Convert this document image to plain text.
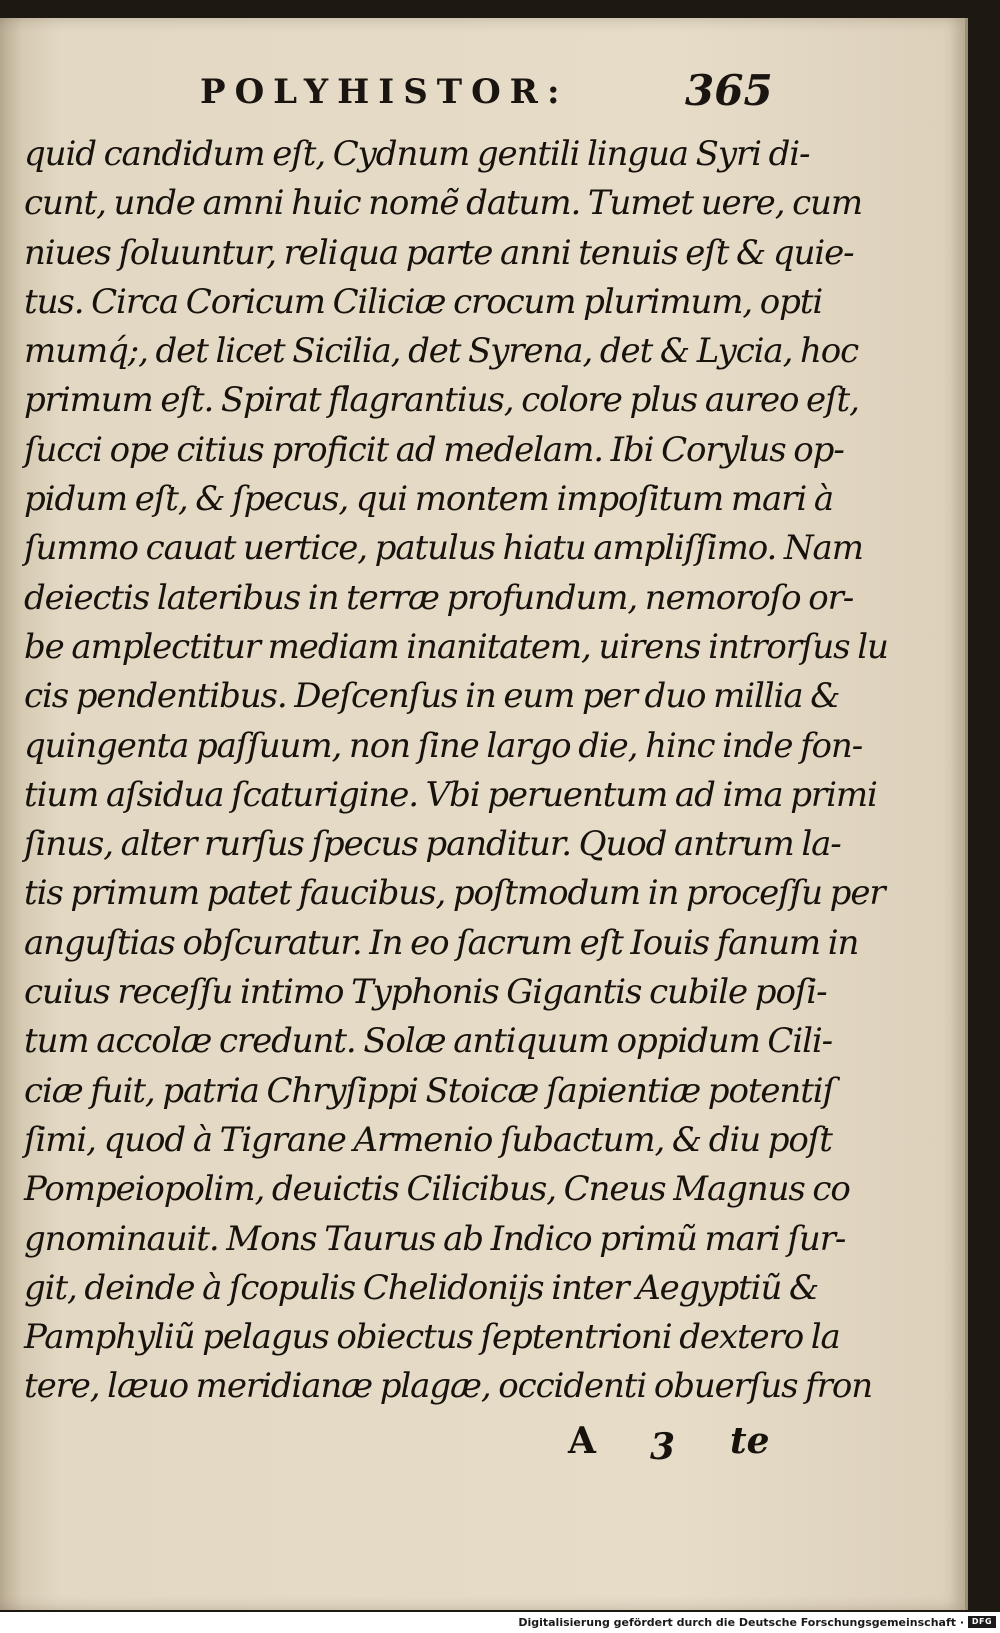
POLYHISTOR:	365
quid candidum eſt, Cydnum gentili lingua Syri di-
cunt, unde amni huic nomẽ datum. Tumet uere, cum
niues ſoluuntur, reliqua parte anni tenuis eſt & quie-
tus. Circa Coricum Ciliciæ crocum plurimum, opti
mumq́;, det licet Sicilia, det Syrena, det & Lycia, hoc
primum eſt. Spirat flagrantius, colore plus aureo eſt,
ſucci ope citius proficit ad medelam. Ibi Corylus op-
pidum eſt, & ſpecus, qui montem impoſitum mari à
ſummo cauat uertice, patulus hiatu ampliſſimo. Nam
deiectis lateribus in terræ profundum, nemoroſo or-
be amplectitur mediam inanitatem, uirens introrſus lu
cis pendentibus. Deſcenſus in eum per duo millia &
quingenta paſſuum, non ſine largo die, hinc inde fon-
tium aſsidua ſcaturigine. Vbi peruentum ad ima primi
ſinus, alter rurſus ſpecus panditur. Quod antrum la-
tis primum patet faucibus, poſtmodum in proceſſu per
anguſtias obſcuratur. In eo ſacrum eſt Iouis fanum in
cuius receſſu intimo Typhonis Gigantis cubile poſi-
tum accolæ credunt. Solæ antiquum oppidum Cili-
ciæ fuit, patria Chryſippi Stoicæ ſapientiæ potentiſ
ſimi, quod à Tigrane Armenio ſubactum, & diu poſt
Pompeiopolim, deuictis Cilicibus, Cneus Magnus co
gnominauit. Mons Taurus ab Indico primũ mari ſur-
git, deinde à ſcopulis Chelidonijs inter Aegyptiũ &
Pamphyliũ pelagus obiectus ſeptentrioni dextero la
tere, læuo meridianæ plagæ, occidenti obuerſus fron
A 3 te
Digitalisierung gefördert durch die Deutsche Forschungsgemeinschaft · DFG
